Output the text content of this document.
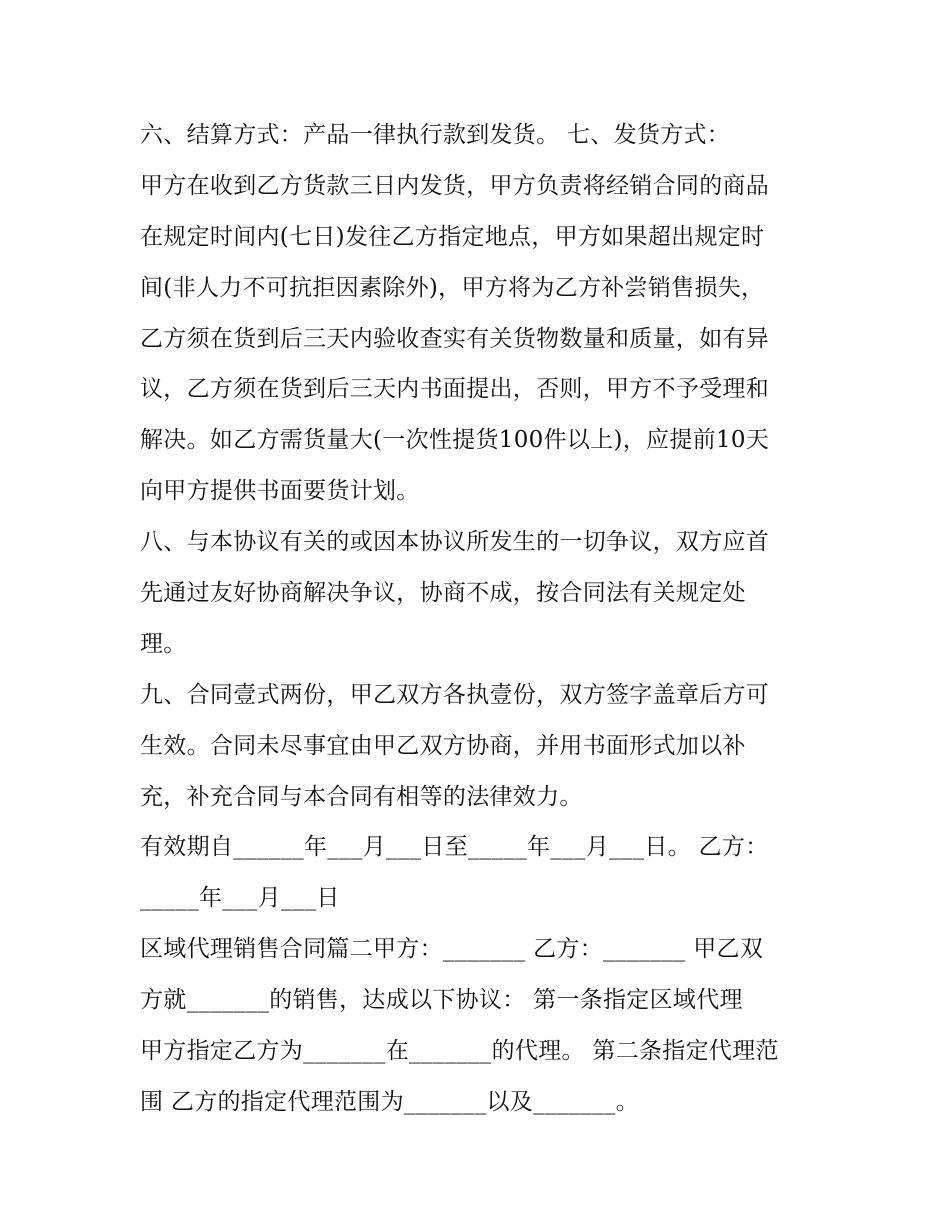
六、结算方式：产品一律执行款到发货。 七、发货方式：
甲方在收到乙方货款三日内发货，甲方负责将经销合同的商品
在规定时间内(七日)发往乙方指定地点，甲方如果超出规定时
间(非人力不可抗拒因素除外)，甲方将为乙方补尝销售损失，
乙方须在货到后三天内验收查实有关货物数量和质量，如有异
议，乙方须在货到后三天内书面提出，否则，甲方不予受理和
解决。如乙方需货量大(一次性提货100件以上)，应提前10天
向甲方提供书面要货计划。
八、与本协议有关的或因本协议所发生的一切争议，双方应首
先通过友好协商解决争议，协商不成，按合同法有关规定处
理。
九、合同壹式两份，甲乙双方各执壹份，双方签字盖章后方可
生效。合同未尽事宜由甲乙双方协商，并用书面形式加以补
充，补充合同与本合同有相等的法律效力。
有效期自______年___月___日至_____年___月___日。 乙方：
_____年___月___日
区域代理销售合同篇二甲方：_______ 乙方：_______ 甲乙双
方就_______的销售，达成以下协议： 第一条指定区域代理
甲方指定乙方为_______在_______的代理。 第二条指定代理范
围 乙方的指定代理范围为_______以及_______。
